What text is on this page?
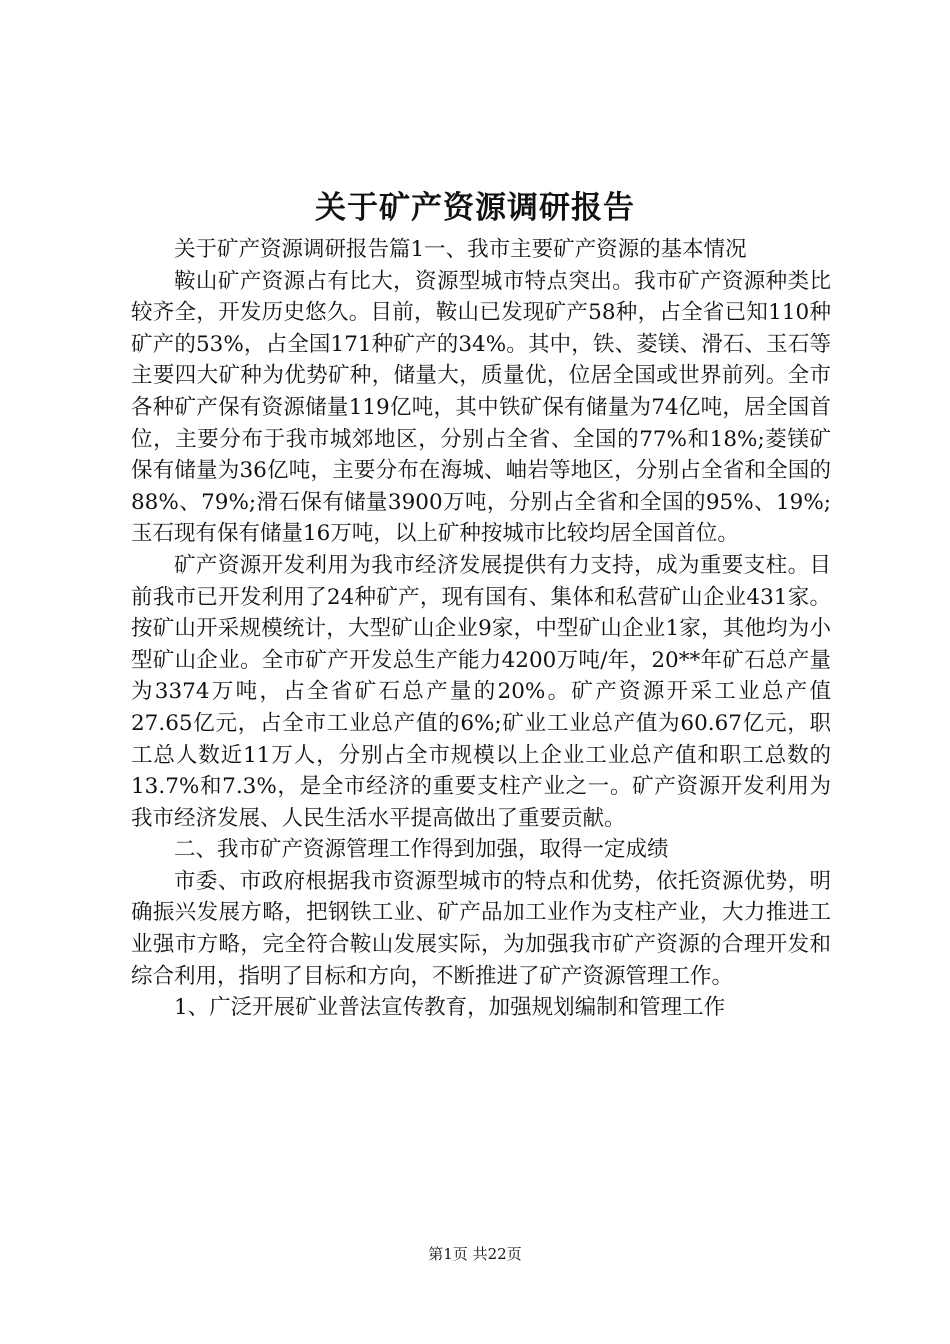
关于矿产资源调研报告

关于矿产资源调研报告篇1一、我市主要矿产资源的基本情况

鞍山矿产资源占有比大，资源型城市特点突出。我市矿产资源种类比较齐全，开发历史悠久。目前，鞍山已发现矿产58种，占全省已知110种矿产的53%，占全国171种矿产的34%。其中，铁、菱镁、滑石、玉石等主要四大矿种为优势矿种，储量大，质量优，位居全国或世界前列。全市各种矿产保有资源储量119亿吨，其中铁矿保有储量为74亿吨，居全国首位，主要分布于我市城郊地区，分别占全省、全国的77%和18%;菱镁矿保有储量为36亿吨，主要分布在海城、岫岩等地区，分别占全省和全国的88%、79%;滑石保有储量3900万吨，分别占全省和全国的95%、19%;玉石现有保有储量16万吨，以上矿种按城市比较均居全国首位。

矿产资源开发利用为我市经济发展提供有力支持，成为重要支柱。目前我市已开发利用了24种矿产，现有国有、集体和私营矿山企业431家。按矿山开采规模统计，大型矿山企业9家，中型矿山企业1家，其他均为小型矿山企业。全市矿产开发总生产能力4200万吨/年，20**年矿石总产量为3374万吨，占全省矿石总产量的20%。矿产资源开采工业总产值27.65亿元，占全市工业总产值的6%;矿业工业总产值为60.67亿元，职工总人数近11万人，分别占全市规模以上企业工业总产值和职工总数的13.7%和7.3%，是全市经济的重要支柱产业之一。矿产资源开发利用为我市经济发展、人民生活水平提高做出了重要贡献。

二、我市矿产资源管理工作得到加强，取得一定成绩

市委、市政府根据我市资源型城市的特点和优势，依托资源优势，明确振兴发展方略，把钢铁工业、矿产品加工业作为支柱产业，大力推进工业强市方略，完全符合鞍山发展实际，为加强我市矿产资源的合理开发和综合利用，指明了目标和方向，不断推进了矿产资源管理工作。

1、广泛开展矿业普法宣传教育，加强规划编制和管理工作

第1页 共22页
